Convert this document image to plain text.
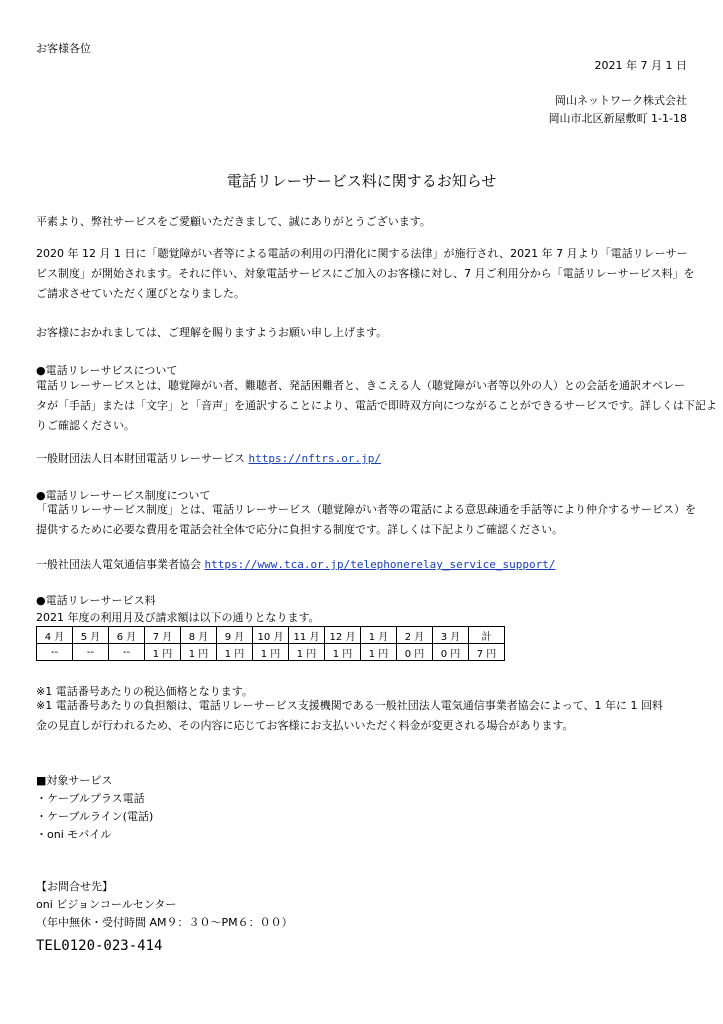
お客様各位
2021 年 7 月 1 日
岡山ネットワーク株式会社
岡山市北区新屋敷町 1-1-18
電話リレーサービス料に関するお知らせ
平素より、弊社サービスをご愛顧いただきまして、誠にありがとうございます。
2020 年 12 月 1 日に「聴覚障がい者等による電話の利用の円滑化に関する法律」が施行され、2021 年 7 月より「電話リレーサー
ビス制度」が開始されます。それに伴い、対象電話サービスにご加入のお客様に対し、7 月ご利用分から「電話リレーサービス料」を
ご請求させていただく運びとなりました。
お客様におかれましては、ご理解を賜りますようお願い申し上げます。
●電話リレーサビスについて
電話リレーサービスとは、聴覚障がい者、難聴者、発話困難者と、きこえる人（聴覚障がい者等以外の人）との会話を通訳オペレー
タが「手話」または「文字」と「音声」を通訳することにより、電話で即時双方向につながることができるサービスです。詳しくは下記よ
りご確認ください。
一般財団法人日本財団電話リレーサービス https://nftrs.or.jp/
●電話リレーサービス制度について
「電話リレーサービス制度」とは、電話リレーサービス（聴覚障がい者等の電話による意思疎通を手話等により仲介するサービス）を
提供するために必要な費用を電話会社全体で応分に負担する制度です。詳しくは下記よりご確認ください。
一般社団法人電気通信事業者協会 https://www.tca.or.jp/telephonerelay_service_support/
●電話リレーサービス料
2021 年度の利用月及び請求額は以下の通りとなります。
4 月	5 月	6 月	7 月	8 月	9 月	10 月	11 月	12 月	1 月	2 月	3 月	計
--	--	--	1 円	1 円	1 円	1 円	1 円	1 円	1 円	0 円	0 円	7 円
※1 電話番号あたりの税込価格となります。
※1 電話番号あたりの負担額は、電話リレーサービス支援機関である一般社団法人電気通信事業者協会によって、1 年に 1 回料
金の見直しが行われるため、その内容に応じてお客様にお支払いいただく料金が変更される場合があります。
■対象サービス
・ケーブルプラス電話
・ケーブルライン(電話)
・oni モバイル
【お問合せ先】
oni ビジョンコールセンター
（年中無休・受付時間 AM９：３０～PM６：００）
TEL0120-023-414
